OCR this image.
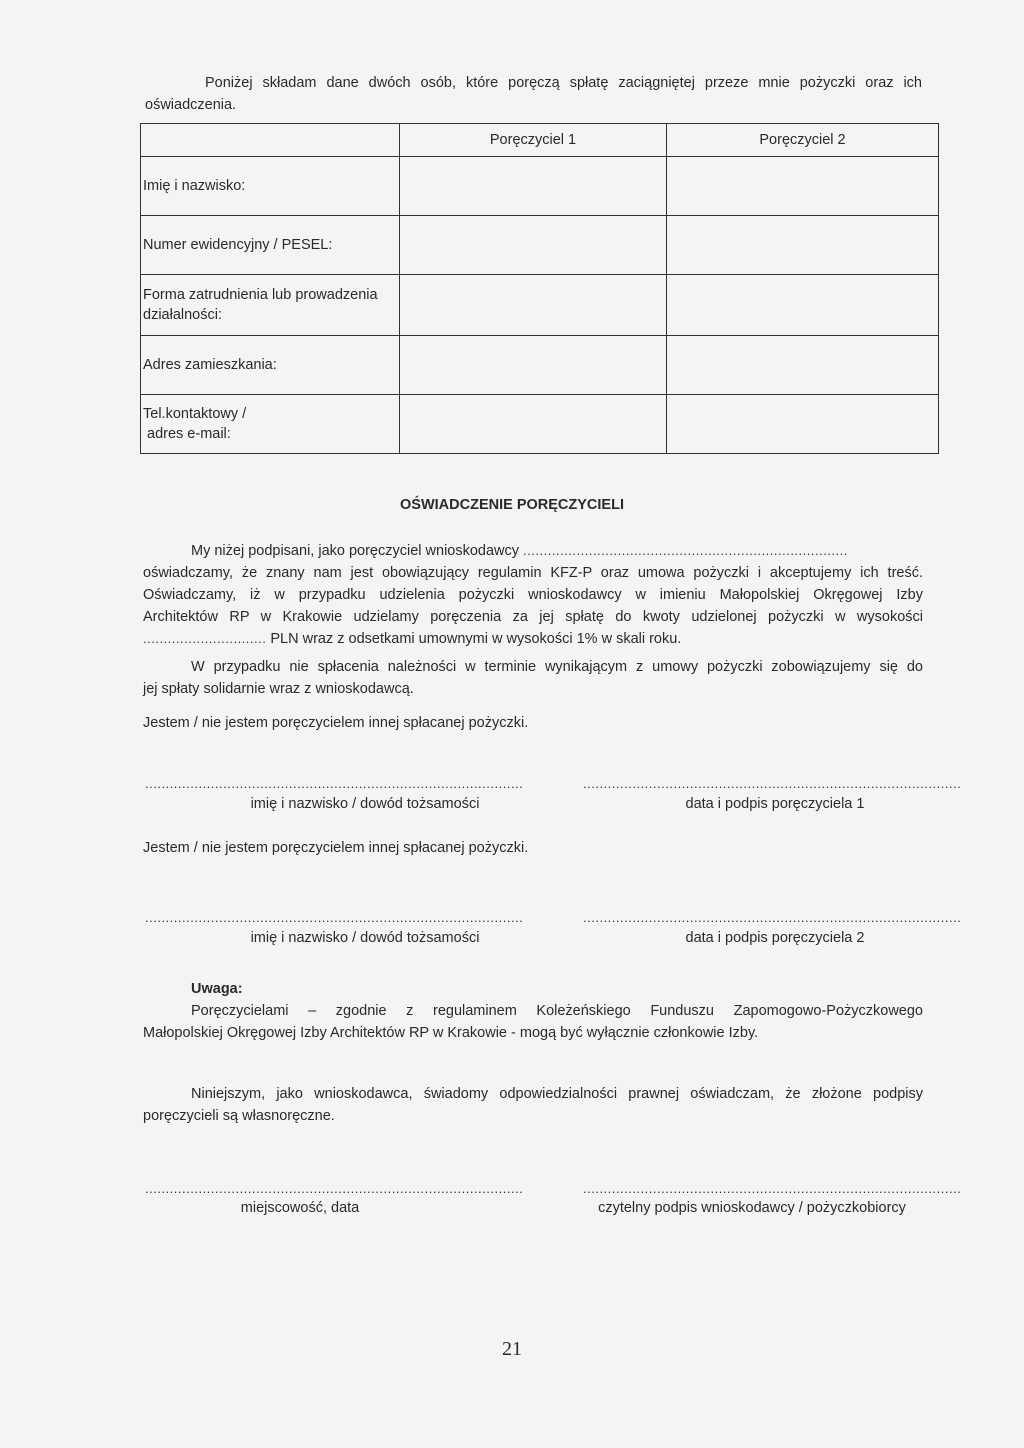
Poniżej składam dane dwóch osób, które poręczą spłatę zaciągniętej przeze mnie pożyczki oraz ich

oświadczenia.

	Poręczyciel 1	Poręczyciel 2
Imię i nazwisko:		
Numer ewidencyjny / PESEL:		

Forma zatrudnienia lub prowadzenia
działalności:		

Adres zamieszkania:		

Tel.kontaktowy /
adres e-mail:		

OŚWIADCZENIE PORĘCZYCIELI

My niżej podpisani, jako poręczyciel wnioskodawcy ...............................................................................

oświadczamy, że znany nam jest obowiązujący regulamin KFZ-P oraz umowa pożyczki i akceptujemy ich treść.

Oświadczamy, iż w przypadku udzielenia pożyczki wnioskodawcy w imieniu Małopolskiej Okręgowej Izby

Architektów RP w Krakowie udzielamy poręczenia za jej spłatę do kwoty udzielonej pożyczki w wysokości

.............................. PLN wraz z odsetkami umownymi w wysokości 1% w skali roku.

W przypadku nie spłacenia należności w terminie wynikającym z umowy pożyczki zobowiązujemy się do

jej spłaty solidarnie wraz z wnioskodawcą.

Jestem / nie jestem poręczycielem innej spłacanej pożyczki.

............................................................................................	............................................................................................
imię i nazwisko / dowód tożsamości	data i podpis poręczyciela 1
Jestem / nie jestem poręczycielem innej spłacanej pożyczki.
............................................................................................	............................................................................................
imię i nazwisko / dowód tożsamości	data i podpis poręczyciela 2

Uwaga:

Poręczycielami – zgodnie z regulaminem Koleżeńskiego Funduszu Zapomogowo-Pożyczkowego

Małopolskiej Okręgowej Izby Architektów RP w Krakowie - mogą być wyłącznie członkowie Izby.

Niniejszym, jako wnioskodawca, świadomy odpowiedzialności prawnej oświadczam, że złożone podpisy

poręczycieli są własnoręczne.

............................................................................................	............................................................................................
miejscowość, data	czytelny podpis wnioskodawcy / pożyczkobiorcy
21
